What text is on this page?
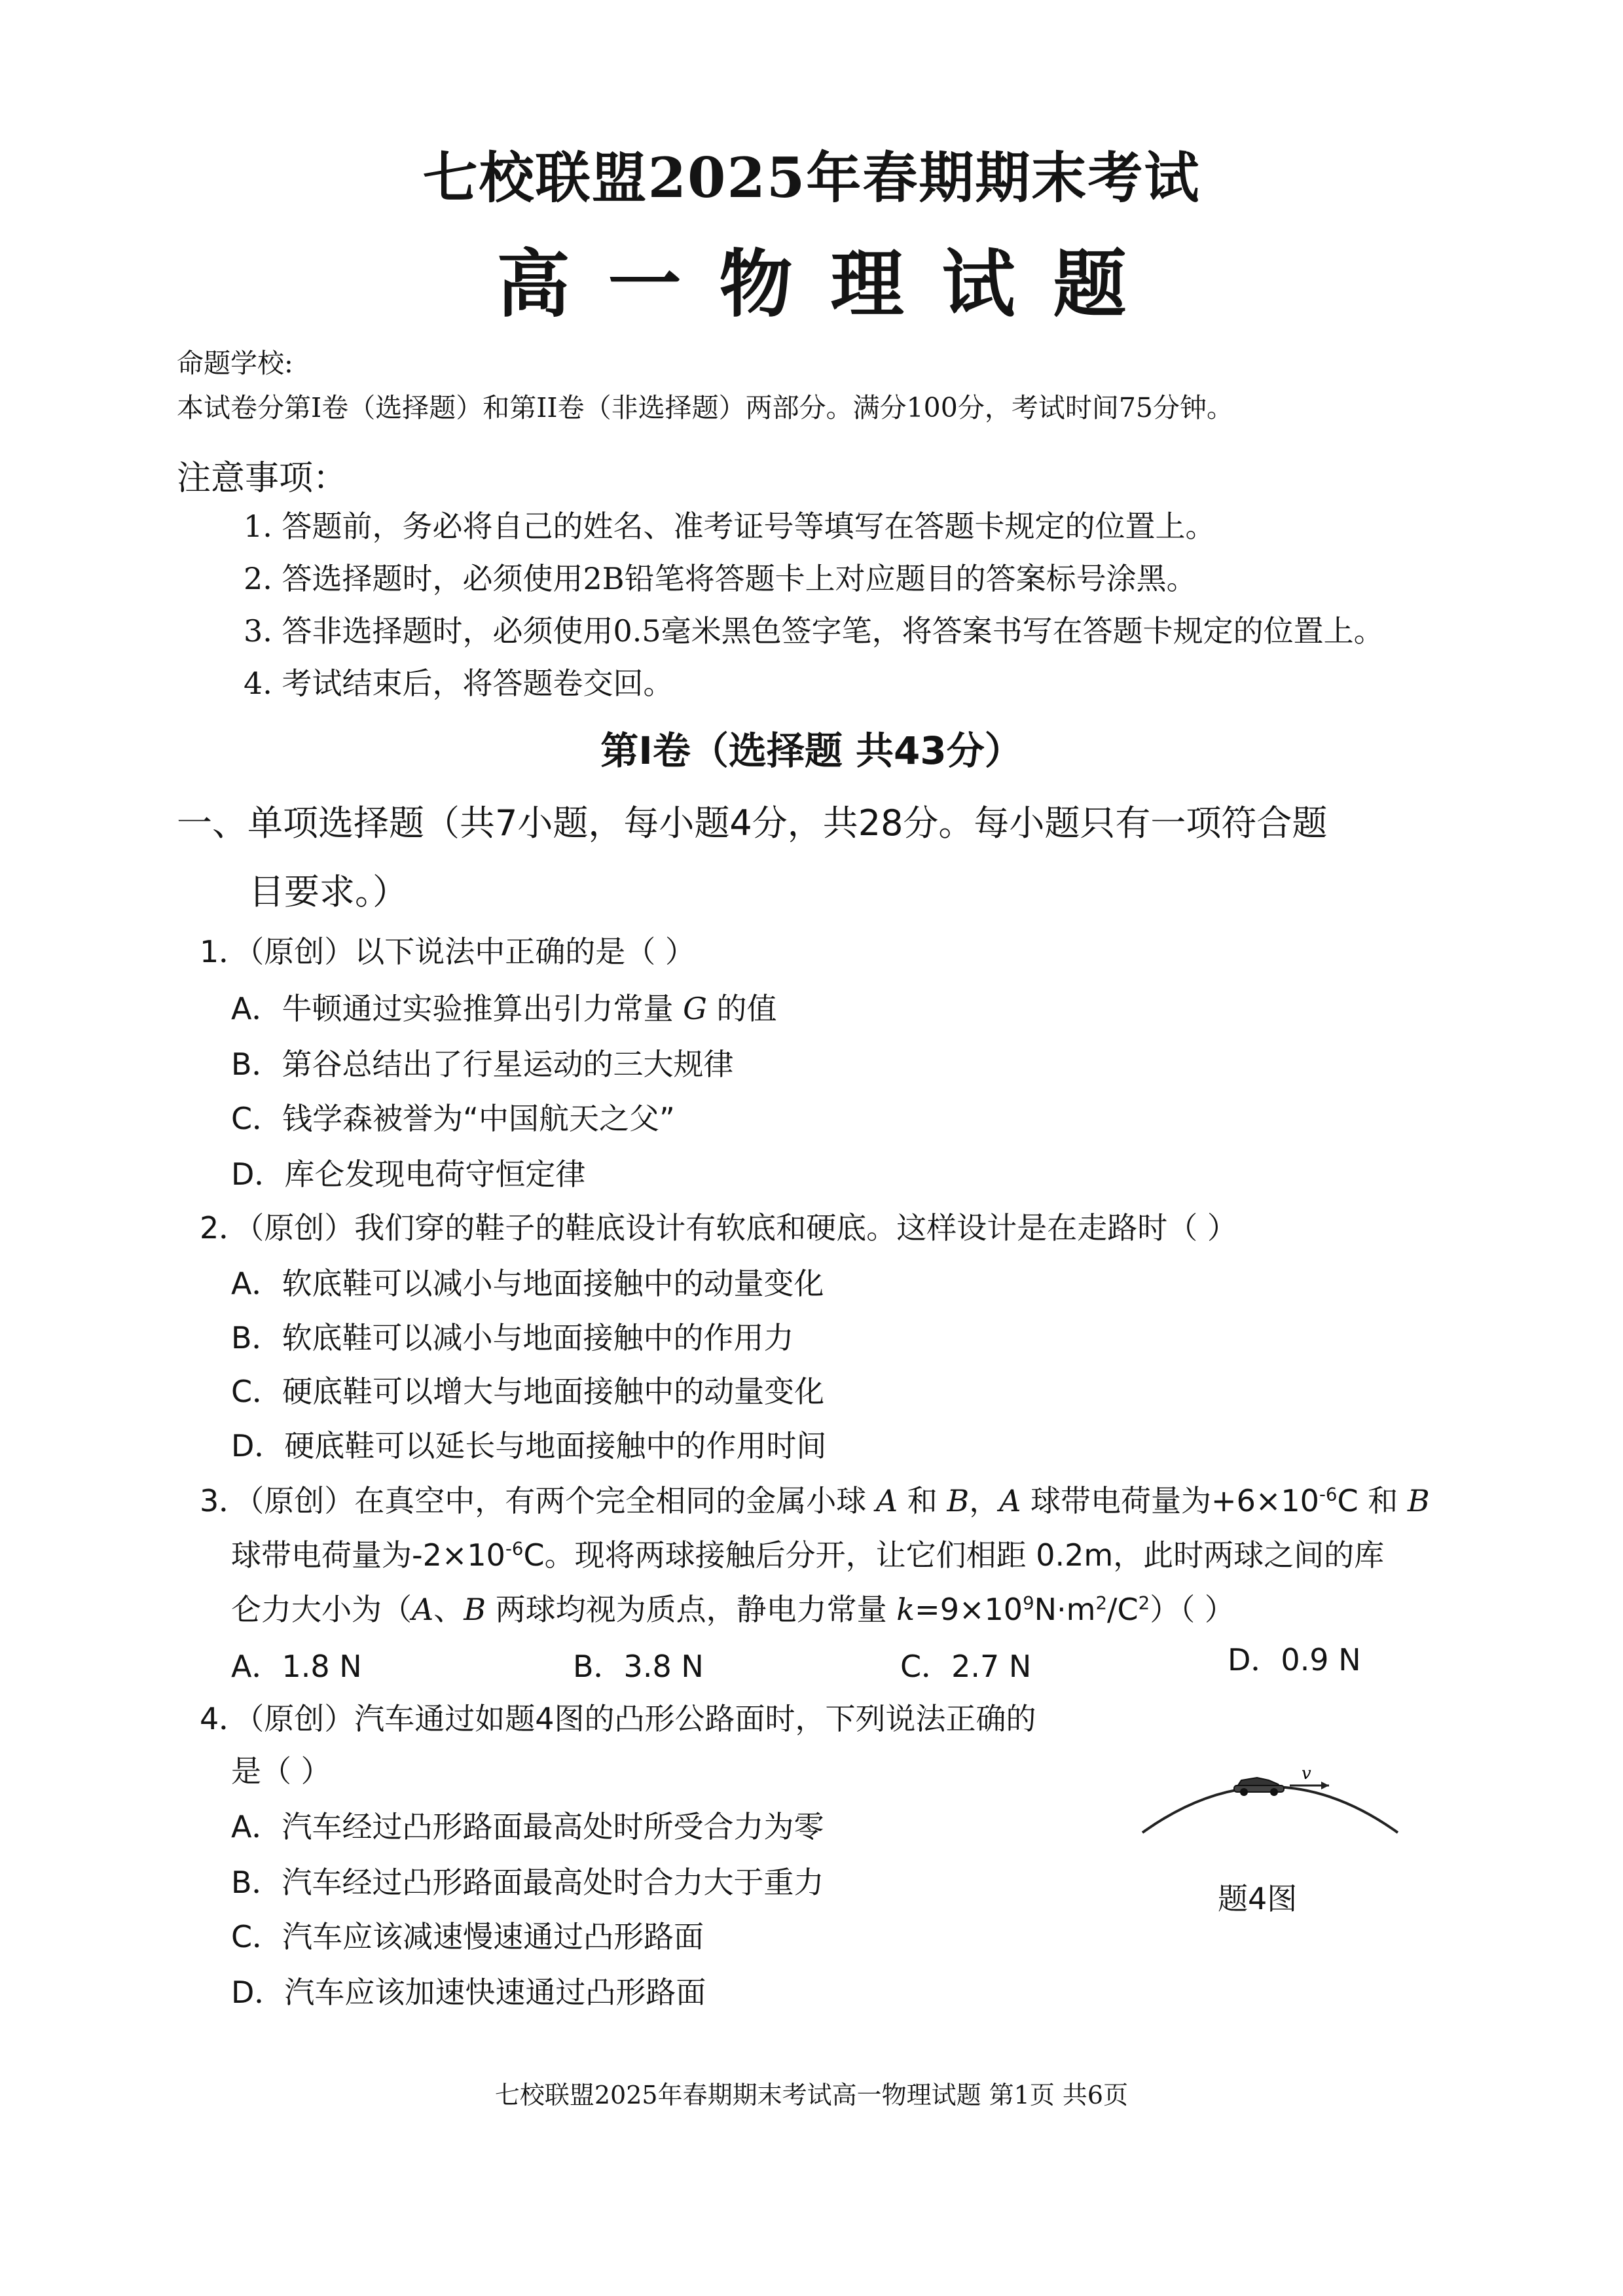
七校联盟2025年春期期末考试
高一物理试题
命题学校:
本试卷分第I卷（选择题）和第II卷（非选择题）两部分。满分100分，考试时间75分钟。
注意事项：
1. 答题前，务必将自己的姓名、准考证号等填写在答题卡规定的位置上。
2. 答选择题时，必须使用2B铅笔将答题卡上对应题目的答案标号涂黑。
3. 答非选择题时，必须使用0.5毫米黑色签字笔，将答案书写在答题卡规定的位置上。
4. 考试结束后，将答题卷交回。
第I卷（选择题 共43分）
一、单项选择题（共7小题，每小题4分，共28分。每小题只有一项符合题
目要求。）
1．（原创）以下说法中正确的是（ ）
A．牛顿通过实验推算出引力常量 G 的值
B．第谷总结出了行星运动的三大规律
C．钱学森被誉为“中国航天之父”
D．库仑发现电荷守恒定律
2．（原创）我们穿的鞋子的鞋底设计有软底和硬底。这样设计是在走路时（ ）
A．软底鞋可以减小与地面接触中的动量变化
B．软底鞋可以减小与地面接触中的作用力
C．硬底鞋可以增大与地面接触中的动量变化
D．硬底鞋可以延长与地面接触中的作用时间
3．（原创）在真空中，有两个完全相同的金属小球 A 和 B，A 球带电荷量为$+6\times 10^{-6}C$ 和 B
球带电荷量为$-2\times 10^{-6}C$。现将两球接触后分开，让它们相距 0.2m，此时两球之间的库
仑力大小为（A、B 两球均视为质点，静电力常量 $k=9\times 10^9N\cdot m^2/C^2$）（ ）
A．1.8 N	B．3.8 N	C．2.7 N	D．0.9 N
4．（原创）汽车通过如题4图的凸形公路面时，下列说法正确的
是（ ）
A．汽车经过凸形路面最高处时所受合力为零
B．汽车经过凸形路面最高处时合力大于重力
C．汽车应该减速慢速通过凸形路面
D．汽车应该加速快速通过凸形路面
v
题4图
七校联盟2025年春期期末考试高一物理试题 第1页 共6页
